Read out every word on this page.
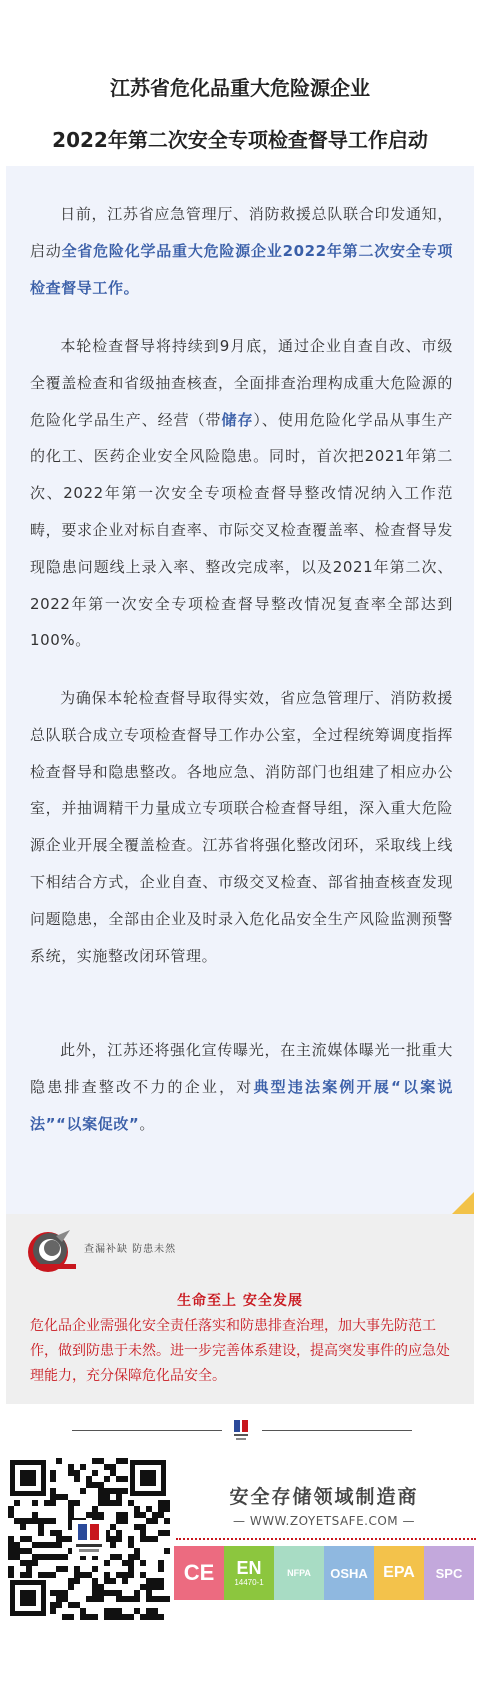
江苏省危化品重大危险源企业
2022年第二次安全专项检查督导工作启动

日前，江苏省应急管理厅、消防救援总队联合印发通知，启动全省危险化学品重大危险源企业2022年第二次安全专项检查督导工作。

本轮检查督导将持续到9月底，通过企业自查自改、市级全覆盖检查和省级抽查核查，全面排查治理构成重大危险源的危险化学品生产、经营（带储存）、使用危险化学品从事生产的化工、医药企业安全风险隐患。同时，首次把2021年第二次、2022年第一次安全专项检查督导整改情况纳入工作范畴，要求企业对标自查率、市际交叉检查覆盖率、检查督导发现隐患问题线上录入率、整改完成率，以及2021年第二次、2022年第一次安全专项检查督导整改情况复查率全部达到100%。

为确保本轮检查督导取得实效，省应急管理厅、消防救援总队联合成立专项检查督导工作办公室，全过程统筹调度指挥检查督导和隐患整改。各地应急、消防部门也组建了相应办公室，并抽调精干力量成立专项联合检查督导组，深入重大危险源企业开展全覆盖检查。江苏省将强化整改闭环，采取线上线下相结合方式，企业自查、市级交叉检查、部省抽查核查发现问题隐患，全部由企业及时录入危化品安全生产风险监测预警系统，实施整改闭环管理。

此外，江苏还将强化宣传曝光，在主流媒体曝光一批重大隐患排查整改不力的企业，对典型违法案例开展“以案说法”“以案促改”。

查漏补缺 防患未然
生命至上 安全发展
危化品企业需强化安全责任落实和防患排查治理，加大事先防范工作，做到防患于未然。进一步完善体系建设，提高突发事件的应急处理能力，充分保障危化品安全。
安全存储领域制造商
— WWW.ZOYETSAFE.COM —
CE EN
14470-1
NFPA OSHA EPA SPC
